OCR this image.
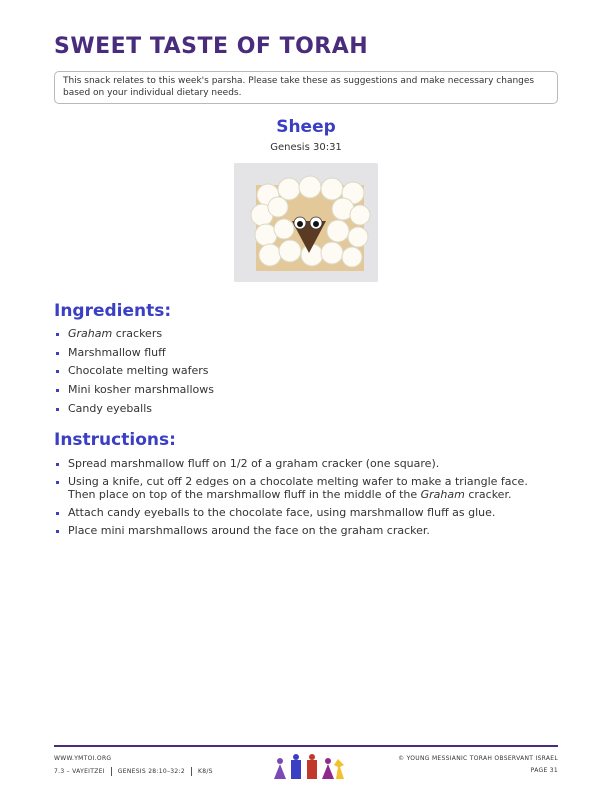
SWEET TASTE OF TORAH
This snack relates to this week's parsha. Please take these as suggestions and make necessary changes based on your individual dietary needs.
Sheep
Genesis 30:31
Ingredients:
Graham crackers
Marshmallow fluff
Chocolate melting wafers
Mini kosher marshmallows
Candy eyeballs
Instructions:
Spread marshmallow fluff on 1/2 of a graham cracker (one square).
Using a knife, cut off 2 edges on a chocolate melting wafer to make a triangle face.
Then place on top of the marshmallow fluff in the middle of the Graham cracker.
Attach candy eyeballs to the chocolate face, using marshmallow fluff as glue.
Place mini marshmallows around the face on the graham cracker.
WWW.YMTOI.ORG
7.3 – VAYEITZEI GENESIS 28:10–32:2 K8/S
© YOUNG MESSIANIC TORAH OBSERVANT ISRAEL
PAGE 31
